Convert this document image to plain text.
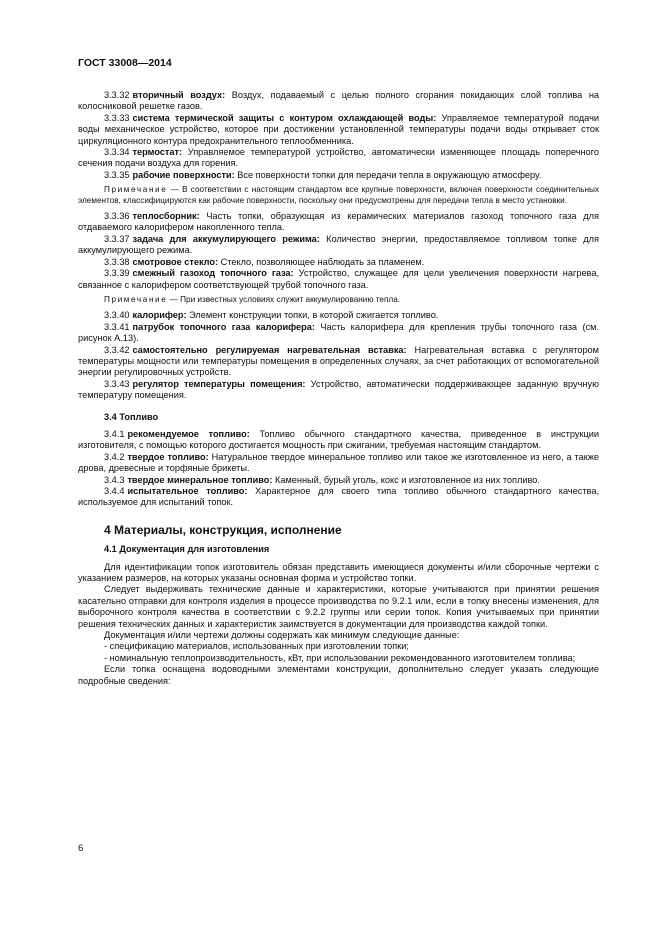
ГОСТ 33008—2014

3.3.32 вторичный воздух: Воздух, подаваемый с целью полного сгорания покидающих слой топлива на колосниковой решетке газов.

3.3.33 система термической защиты с контуром охлаждающей воды: Управляемое температурой подачи воды механическое устройство, которое при достижении установленной температуры подачи воды открывает сток циркуляционного контура предохранительного теплообменника.

3.3.34 термостат: Управляемое температурой устройство, автоматически изменяющее площадь поперечного сечения подачи воздуха для горения.

3.3.35 рабочие поверхности: Все поверхности топки для передачи тепла в окружающую атмосферу.

Примечание — В соответствии с настоящим стандартом все крупные поверхности, включая поверхности соединительных элементов, классифицируются как рабочие поверхности, поскольку они предусмотрены для передачи тепла в место установки.

3.3.36 теплосборник: Часть топки, образующая из керамических материалов газоход топочного газа для отдаваемого калорифером накопленного тепла.

3.3.37 задача для аккумулирующего режима: Количество энергии, предоставляемое топливом топке для аккумулирующего режима.

3.3.38 смотровое стекло: Стекло, позволяющее наблюдать за пламенем.

3.3.39 смежный газоход топочного газа: Устройство, служащее для цели увеличения поверхности нагрева, связанное с калорифером соответствующей трубой топочного газа.

Примечание — При известных условиях служит аккумулированию тепла.

3.3.40 калорифер: Элемент конструкции топки, в которой сжигается топливо.

3.3.41 патрубок топочного газа калорифера: Часть калорифера для крепления трубы топочного газа (см. рисунок А.13).

3.3.42 самостоятельно регулируемая нагревательная вставка: Нагревательная вставка с регулятором температуры мощности или температуры помещения в определенных случаях, за счет работающих от вспомогательной энергии регулировочных устройств.

3.3.43 регулятор температуры помещения: Устройство, автоматически поддерживающее заданную вручную температуру помещения.

3.4 Топливо

3.4.1 рекомендуемое топливо: Топливо обычного стандартного качества, приведенное в инструкции изготовителя, с помощью которого достигается мощность при сжигании, требуемая настоящим стандартом.

3.4.2 твердое топливо: Натуральное твердое минеральное топливо или такое же изготовленное из него, а также дрова, древесные и торфяные брикеты.

3.4.3 твердое минеральное топливо: Каменный, бурый уголь, кокс и изготовленное из них топливо.

3.4.4 испытательное топливо: Характерное для своего типа топливо обычного стандартного качества, используемое для испытаний топок.

4 Материалы, конструкция, исполнение

4.1 Документация для изготовления

Для идентификации топок изготовитель обязан представить имеющиеся документы и/или сборочные чертежи с указанием размеров, на которых указаны основная форма и устройство топки.

Следует выдерживать технические данные и характеристики, которые учитываются при принятии решения касательно отправки для контроля изделия в процессе производства по 9.2.1 или, если в топку внесены изменения, для выборочного контроля качества в соответствии с 9.2.2 группы или серии топок. Копия учитываемых при принятии решения технических данных и характеристик заимствуется в документации для производства каждой топки.

Документация и/или чертежи должны содержать как минимум следующие данные:

- спецификацию материалов, использованных при изготовлении топки;

- номинальную теплопроизводительность, кВт, при использовании рекомендованного изготовителем топлива;

Если топка оснащена водоводными элементами конструкции, дополнительно следует указать следующие подробные сведения:

6
